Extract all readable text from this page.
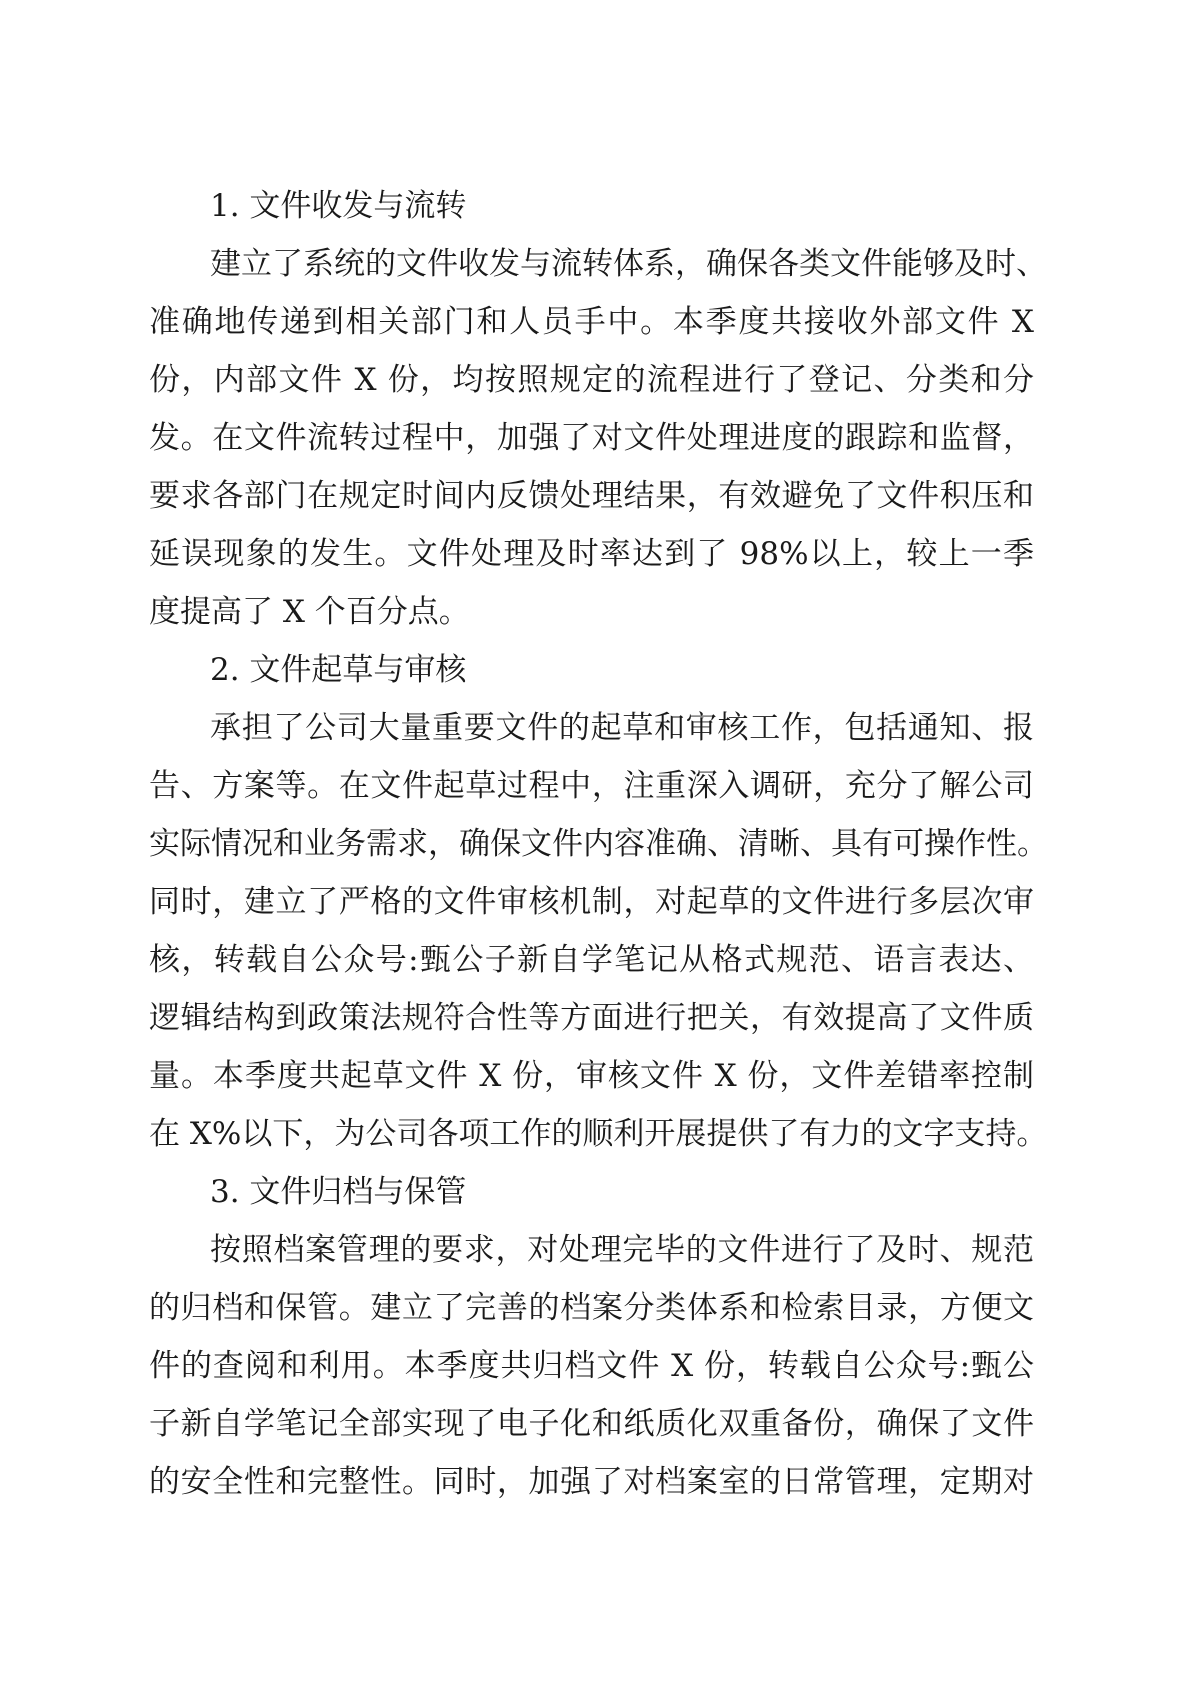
1. 文件收发与流转
建立了系统的文件收发与流转体系，确保各类文件能够及时、
准确地传递到相关部门和人员手中。本季度共接收外部文件 X
份，内部文件 X 份，均按照规定的流程进行了登记、分类和分
发。在文件流转过程中，加强了对文件处理进度的跟踪和监督，
要求各部门在规定时间内反馈处理结果，有效避免了文件积压和
延误现象的发生。文件处理及时率达到了 98%以上，较上一季
度提高了 X 个百分点。
2. 文件起草与审核
承担了公司大量重要文件的起草和审核工作，包括通知、报
告、方案等。在文件起草过程中，注重深入调研，充分了解公司
实际情况和业务需求，确保文件内容准确、清晰、具有可操作性。
同时，建立了严格的文件审核机制，对起草的文件进行多层次审
核，转载自公众号:甄公子新自学笔记从格式规范、语言表达、
逻辑结构到政策法规符合性等方面进行把关，有效提高了文件质
量。本季度共起草文件 X 份，审核文件 X 份，文件差错率控制
在 X%以下，为公司各项工作的顺利开展提供了有力的文字支持。
3. 文件归档与保管
按照档案管理的要求，对处理完毕的文件进行了及时、规范
的归档和保管。建立了完善的档案分类体系和检索目录，方便文
件的查阅和利用。本季度共归档文件 X 份，转载自公众号:甄公
子新自学笔记全部实现了电子化和纸质化双重备份，确保了文件
的安全性和完整性。同时，加强了对档案室的日常管理，定期对
